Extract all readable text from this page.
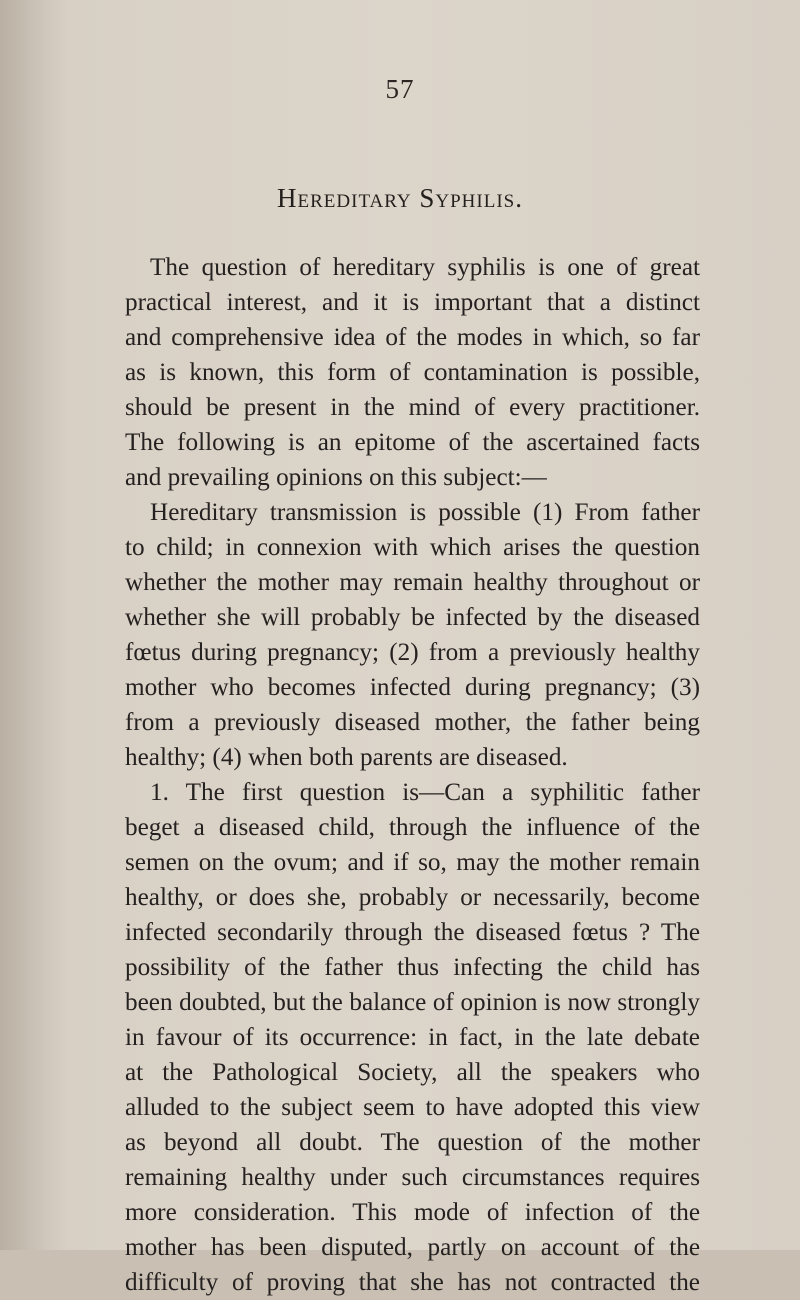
57
Hereditary Syphilis.
The question of hereditary syphilis is one of great
practical interest, and it is important that a distinct
and comprehensive idea of the modes in which, so far
as is known, this form of contamination is possible,
should be present in the mind of every practitioner.
The following is an epitome of the ascertained facts
and prevailing opinions on this subject:—
Hereditary transmission is possible (1) From father
to child; in connexion with which arises the question
whether the mother may remain healthy throughout or
whether she will probably be infected by the diseased
fœtus during pregnancy; (2) from a previously healthy
mother who becomes infected during pregnancy; (3)
from a previously diseased mother, the father being
healthy; (4) when both parents are diseased.
1. The first question is—Can a syphilitic father
beget a diseased child, through the influence of the
semen on the ovum; and if so, may the mother remain
healthy, or does she, probably or necessarily, become
infected secondarily through the diseased fœtus ? The
possibility of the father thus infecting the child has
been doubted, but the balance of opinion is now strongly
in favour of its occurrence: in fact, in the late debate
at the Pathological Society, all the speakers who
alluded to the subject seem to have adopted this view
as beyond all doubt. The question of the mother
remaining healthy under such circumstances requires
more consideration. This mode of infection of the
mother has been disputed, partly on account of the
difficulty of proving that she has not contracted the
